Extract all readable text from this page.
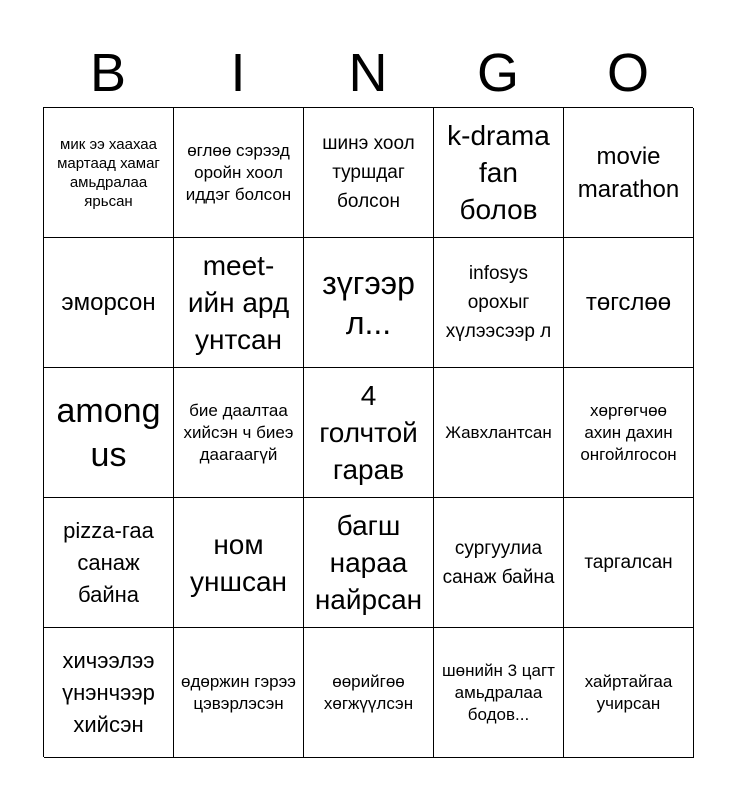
B	I	N	G	O
мик ээ хаахаа мартаад хамаг амьдралаа ярьсан
өглөө сэрээд оройн хоол иддэг болсон
шинэ хоол туршдаг болсон
k-drama fan болов
movie marathon
эморсон
meet-ийн ард унтсан
зүгээр л...
infosys орохыг хүлээсээр л
төгслөө
among us
бие даалтаа хийсэн ч биеэ даагаагүй
4 голчтой гарав
Жавхлантсан
хөргөгчөө ахин дахин онгойлгосон
pizza-гаа санаж байна
ном уншсан
багш нараа найрсан
сургуулиа санаж байна
таргалсан
хичээлээ үнэнчээр хийсэн
өдөржин гэрээ цэвэрлэсэн
өөрийгөө хөгжүүлсэн
шөнийн 3 цагт амьдралаа бодов...
хайртайгаа учирсан
